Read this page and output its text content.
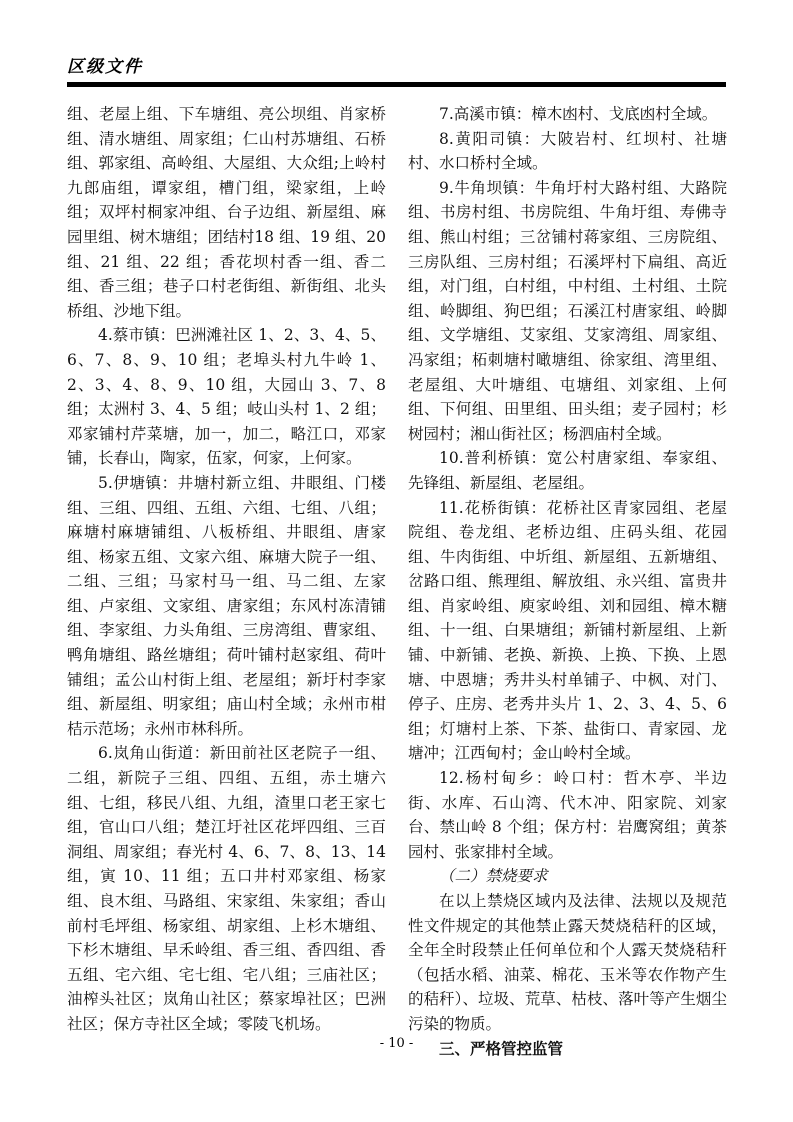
区级文件

组、老屋上组、下车塘组、亮公坝组、肖家桥组、清水塘组、周家组；仁山村苏塘组、石桥组、郭家组、高岭组、大屋组、大众组;上岭村九郎庙组，谭家组，槽门组，梁家组，上岭组；双坪村桐家冲组、台子边组、新屋组、麻园里组、树木塘组；团结村18 组、19 组、20 组、21 组、22 组；香花坝村香一组、香二组、香三组；巷子口村老街组、新街组、北头桥组、沙地下组。

4.蔡市镇：巴洲滩社区 1、2、3、4、5、6、7、8、9、10 组；老埠头村九牛岭 1、2、3、4、8、9、10 组，大园山 3、7、8 组；太洲村 3、4、5 组；岐山头村 1、2 组；邓家铺村芹菜塘，加一，加二，略江口，邓家铺，长春山，陶家，伍家，何家，上何家。

5.伊塘镇：井塘村新立组、井眼组、门楼组、三组、四组、五组、六组、七组、八组；麻塘村麻塘铺组、八板桥组、井眼组、唐家组、杨家五组、文家六组、麻塘大院子一组、二组、三组；马家村马一组、马二组、左家组、卢家组、文家组、唐家组；东风村冻清铺组、李家组、力头角组、三房湾组、曹家组、鸭角塘组、路丝塘组；荷叶铺村赵家组、荷叶铺组；孟公山村街上组、老屋组；新圩村李家组、新屋组、明家组；庙山村全域；永州市柑桔示范场；永州市林科所。

6.岚角山街道：新田前社区老院子一组、二组，新院子三组、四组、五组，赤土塘六组、七组，移民八组、九组，渣里口老王家七组，官山口八组；楚江圩社区花坪四组、三百洞组、周家组；春光村 4、6、7、8、13、14 组，寅 10、11 组；五口井村邓家组、杨家组、良木组、马路组、宋家组、朱家组；香山前村毛坪组、杨家组、胡家组、上杉木塘组、下杉木塘组、早禾岭组、香三组、香四组、香五组、宅六组、宅七组、宅八组；三庙社区；油榨头社区；岚角山社区；蔡家埠社区；巴洲社区；保方寺社区全域；零陵飞机场。

7.高溪市镇：樟木凼村、戈底凼村全域。

8.黄阳司镇：大陂岩村、红坝村、社塘村、水口桥村全域。

9.牛角坝镇：牛角圩村大路村组、大路院组、书房村组、书房院组、牛角圩组、寿佛寺组、熊山村组；三岔铺村蒋家组、三房院组、三房队组、三房村组；石溪坪村下扁组、高近组，对门组，白村组，中村组、土村组、土院组、岭脚组、狗巴组；石溪江村唐家组、岭脚组、文学塘组、艾家组、艾家湾组、周家组、冯家组；柘刺塘村噉塘组、徐家组、湾里组、老屋组、大叶塘组、屯塘组、刘家组、上何组、下何组、田里组、田头组；麦子园村；杉树园村；湘山街社区；杨泗庙村全域。

10.普利桥镇：宽公村唐家组、奉家组、先锋组、新屋组、老屋组。

11.花桥街镇：花桥社区青家园组、老屋院组、卷龙组、老桥边组、庄码头组、花园组、牛肉街组、中圻组、新屋组、五新塘组、岔路口组、熊理组、解放组、永兴组、富贵井组、肖家岭组、庾家岭组、刘和园组、樟木糖组、十一组、白果塘组；新铺村新屋组、上新铺、中新铺、老换、新换、上换、下换、上恩塘、中恩塘；秀井头村单铺子、中枫、对门、停子、庄房、老秀井头片 1、2、3、4、5、6 组；灯塘村上茶、下茶、盐街口、青家园、龙塘冲；江西甸村；金山岭村全域。

12.杨村甸乡：岭口村：哲木亭、半边街、水库、石山湾、代木冲、阳家院、刘家台、禁山岭 8 个组；保方村：岩鹰窝组；黄茶园村、张家排村全域。

（二）禁烧要求

在以上禁烧区域内及法律、法规以及规范性文件规定的其他禁止露天焚烧秸秆的区域，全年全时段禁止任何单位和个人露天焚烧秸秆（包括水稻、油菜、棉花、玉米等农作物产生的秸秆）、垃圾、荒草、枯枝、落叶等产生烟尘污染的物质。

三、严格管控监管

- 10 -
